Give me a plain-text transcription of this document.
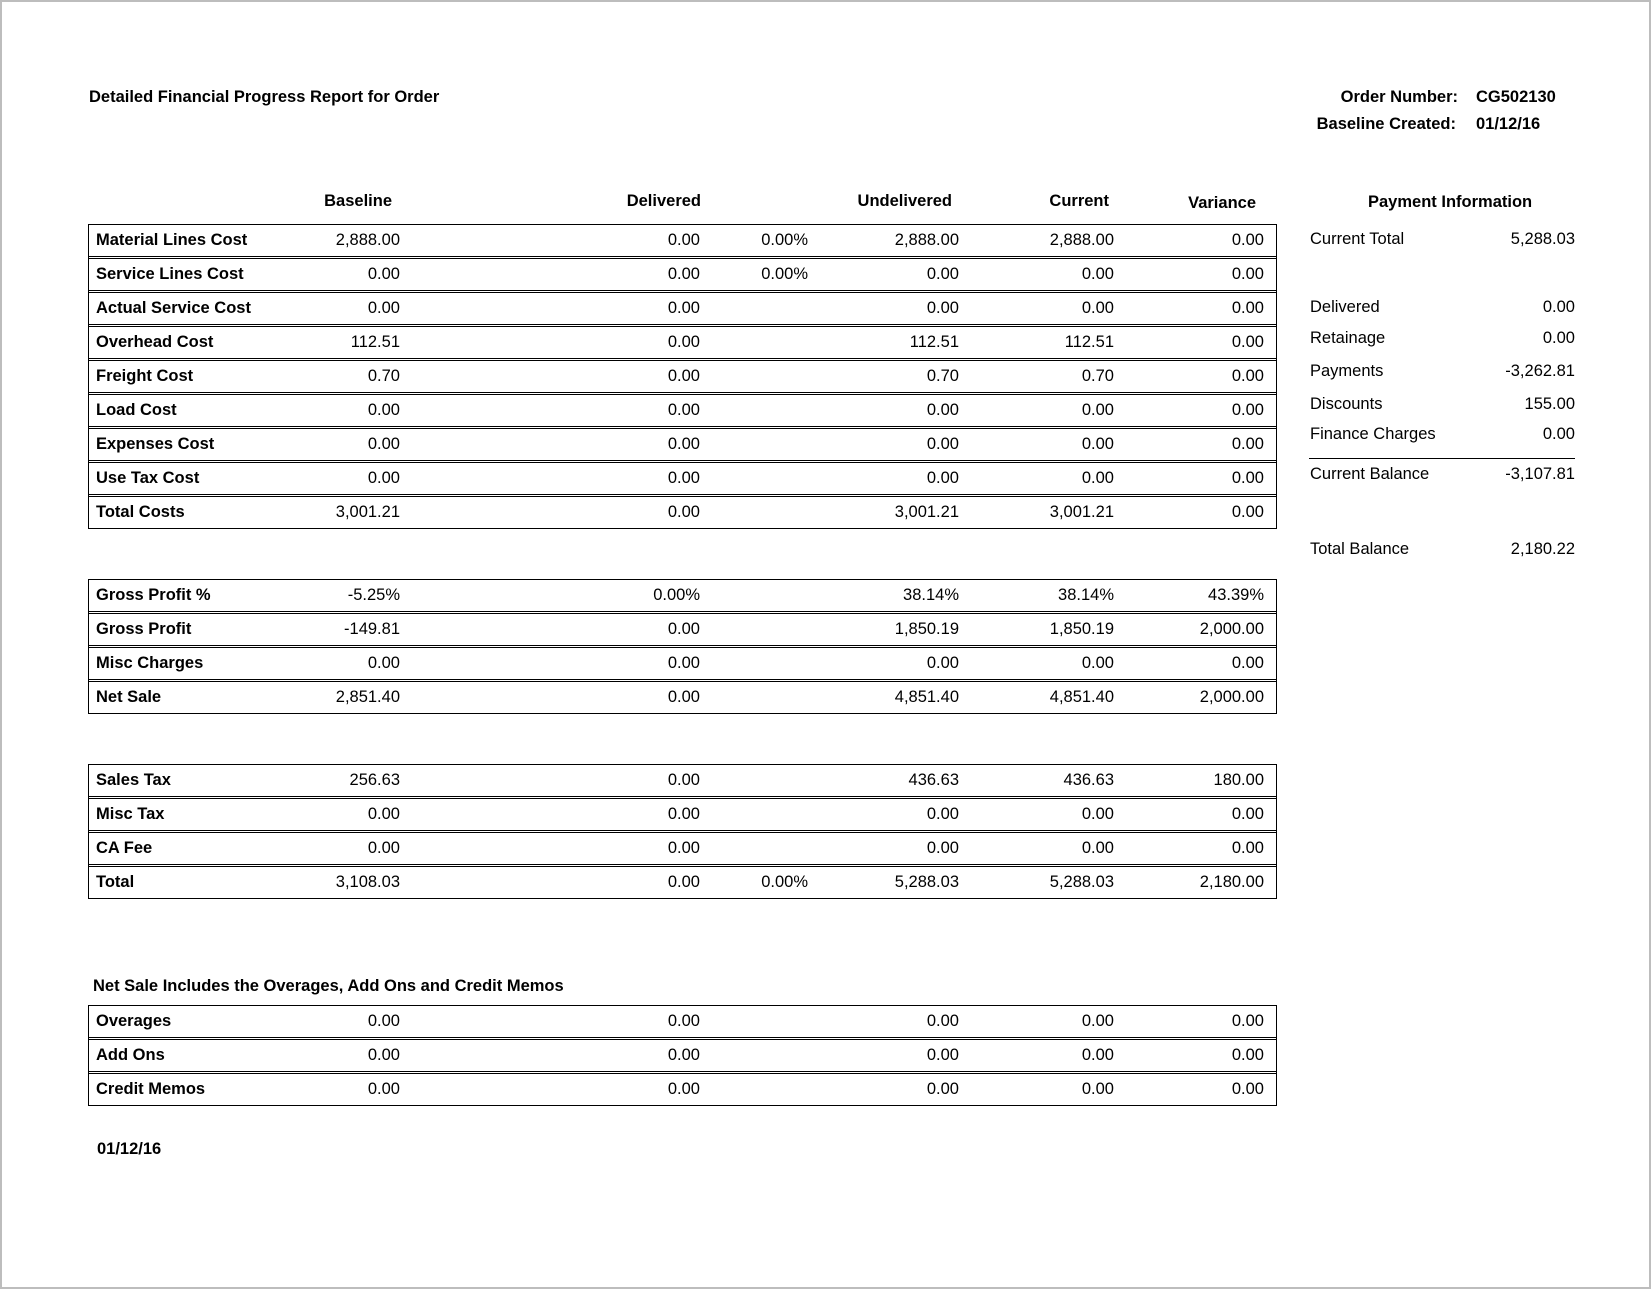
Detailed Financial Progress Report for Order	Order Number: CG502130
Baseline Created: 01/12/16
Baseline	Delivered	Undelivered	Current	Variance
Material Lines Cost	2,888.00		0.00	0.00%	2,888.00	2,888.00	0.00	
Service Lines Cost	0.00		0.00	0.00%	0.00	0.00	0.00	
Actual Service Cost	0.00		0.00		0.00	0.00	0.00	
Overhead Cost	112.51		0.00		112.51	112.51	0.00	
Freight Cost	0.70		0.00		0.70	0.70	0.00	
Load Cost	0.00		0.00		0.00	0.00	0.00	
Expenses Cost	0.00		0.00		0.00	0.00	0.00	
Use Tax Cost	0.00		0.00		0.00	0.00	0.00	
Total Costs	3,001.21		0.00		3,001.21	3,001.21	0.00	
Gross Profit %	-5.25%		0.00%		38.14%	38.14%	43.39%	
Gross Profit	-149.81		0.00		1,850.19	1,850.19	2,000.00	
Misc Charges	0.00		0.00		0.00	0.00	0.00	
Net Sale	2,851.40		0.00		4,851.40	4,851.40	2,000.00	
Sales Tax	256.63		0.00		436.63	436.63	180.00	
Misc Tax	0.00		0.00		0.00	0.00	0.00	
CA Fee	0.00		0.00		0.00	0.00	0.00	
Total	3,108.03		0.00	0.00%	5,288.03	5,288.03	2,180.00	
Net Sale Includes the Overages, Add Ons and Credit Memos
Overages	0.00		0.00		0.00	0.00	0.00	
Add Ons	0.00		0.00		0.00	0.00	0.00	
Credit Memos	0.00		0.00		0.00	0.00	0.00	
01/12/16
Payment Information
Current Total	5,288.03
Delivered	0.00
Retainage	0.00
Payments	-3,262.81
Discounts	155.00
Finance Charges	0.00
Current Balance	-3,107.81
Total Balance	2,180.22
